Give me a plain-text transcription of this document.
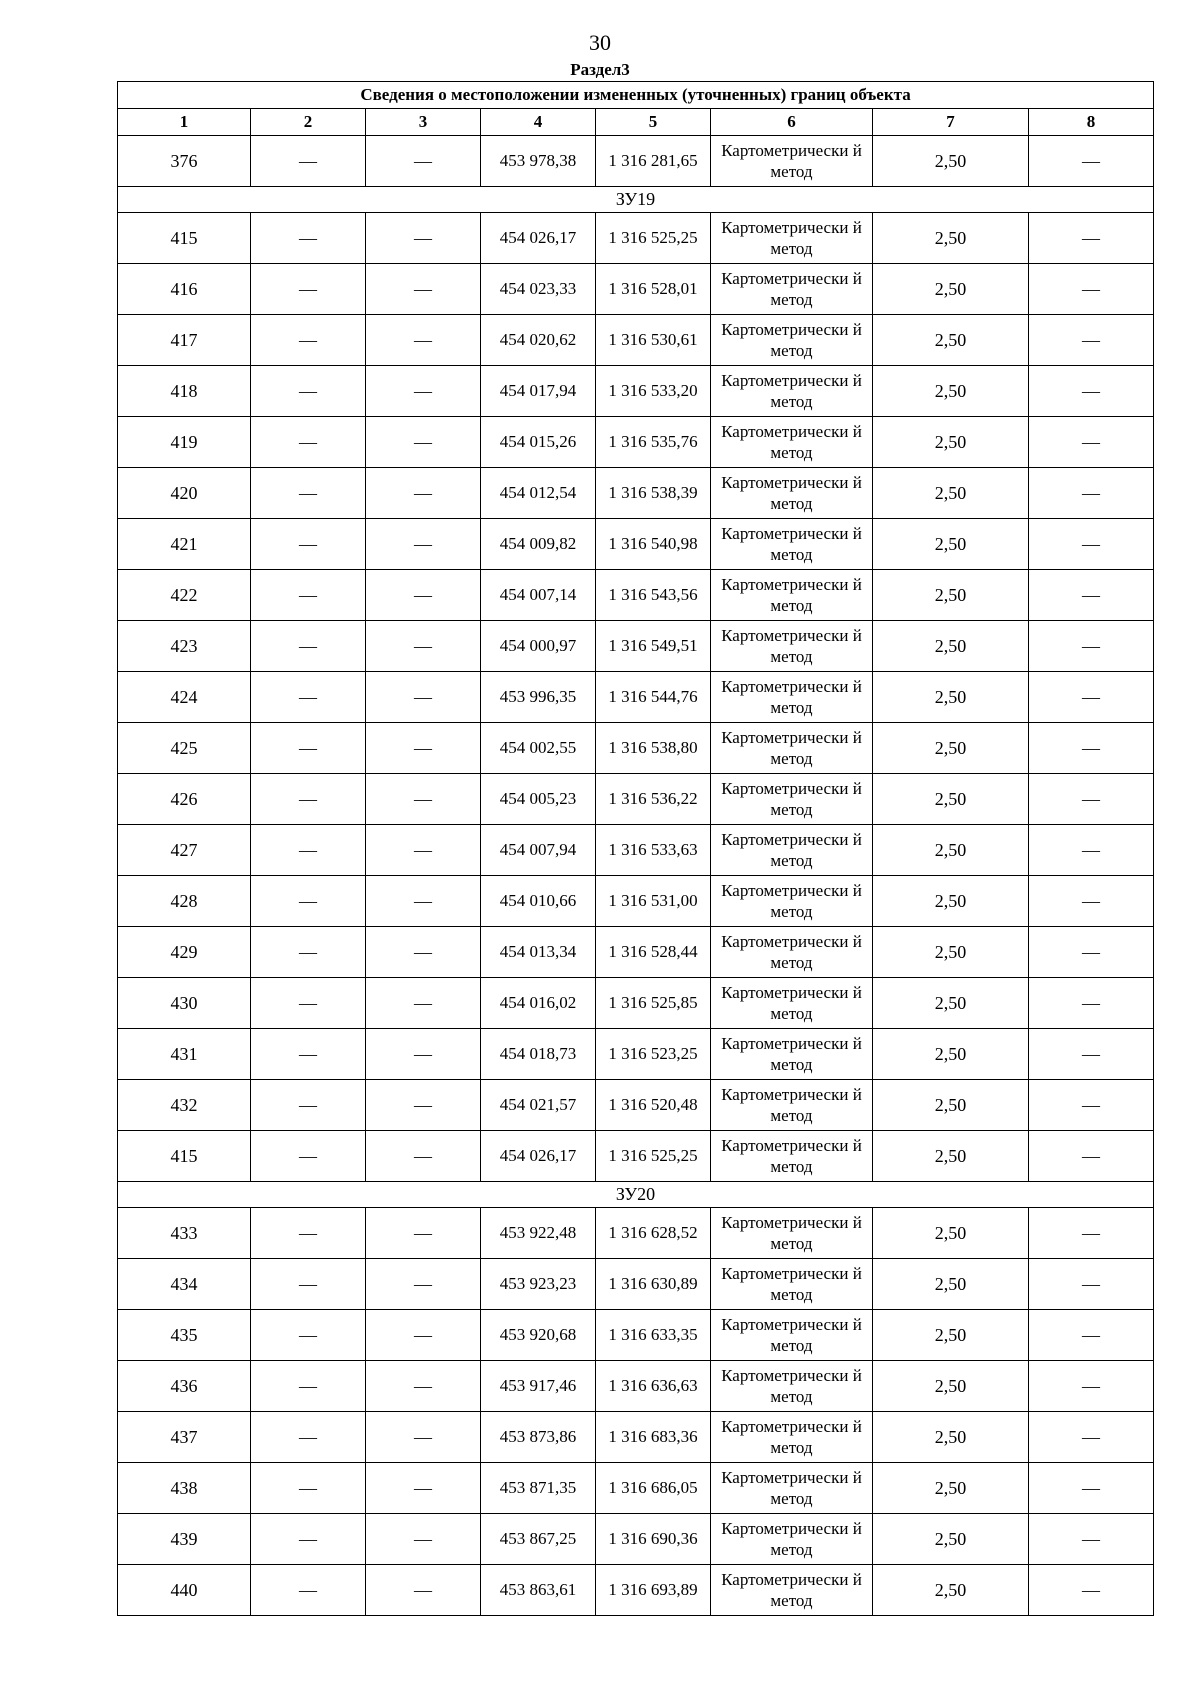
30
Раздел3
Сведения о местоположении измененных (уточненных) границ объекта							
1	2	3	4	5	6	7	8
376	—	—	453 978,38	1 316 281,65	Картометрически й метод	2,50	—
ЗУ19							
415	—	—	454 026,17	1 316 525,25	Картометрически й метод	2,50	—
416	—	—	454 023,33	1 316 528,01	Картометрически й метод	2,50	—
417	—	—	454 020,62	1 316 530,61	Картометрически й метод	2,50	—
418	—	—	454 017,94	1 316 533,20	Картометрически й метод	2,50	—
419	—	—	454 015,26	1 316 535,76	Картометрически й метод	2,50	—
420	—	—	454 012,54	1 316 538,39	Картометрически й метод	2,50	—
421	—	—	454 009,82	1 316 540,98	Картометрически й метод	2,50	—
422	—	—	454 007,14	1 316 543,56	Картометрически й метод	2,50	—
423	—	—	454 000,97	1 316 549,51	Картометрически й метод	2,50	—
424	—	—	453 996,35	1 316 544,76	Картометрически й метод	2,50	—
425	—	—	454 002,55	1 316 538,80	Картометрически й метод	2,50	—
426	—	—	454 005,23	1 316 536,22	Картометрически й метод	2,50	—
427	—	—	454 007,94	1 316 533,63	Картометрически й метод	2,50	—
428	—	—	454 010,66	1 316 531,00	Картометрически й метод	2,50	—
429	—	—	454 013,34	1 316 528,44	Картометрически й метод	2,50	—
430	—	—	454 016,02	1 316 525,85	Картометрически й метод	2,50	—
431	—	—	454 018,73	1 316 523,25	Картометрически й метод	2,50	—
432	—	—	454 021,57	1 316 520,48	Картометрически й метод	2,50	—
415	—	—	454 026,17	1 316 525,25	Картометрически й метод	2,50	—
ЗУ20							
433	—	—	453 922,48	1 316 628,52	Картометрически й метод	2,50	—
434	—	—	453 923,23	1 316 630,89	Картометрически й метод	2,50	—
435	—	—	453 920,68	1 316 633,35	Картометрически й метод	2,50	—
436	—	—	453 917,46	1 316 636,63	Картометрически й метод	2,50	—
437	—	—	453 873,86	1 316 683,36	Картометрически й метод	2,50	—
438	—	—	453 871,35	1 316 686,05	Картометрически й метод	2,50	—
439	—	—	453 867,25	1 316 690,36	Картометрически й метод	2,50	—
440	—	—	453 863,61	1 316 693,89	Картометрически й метод	2,50	—
